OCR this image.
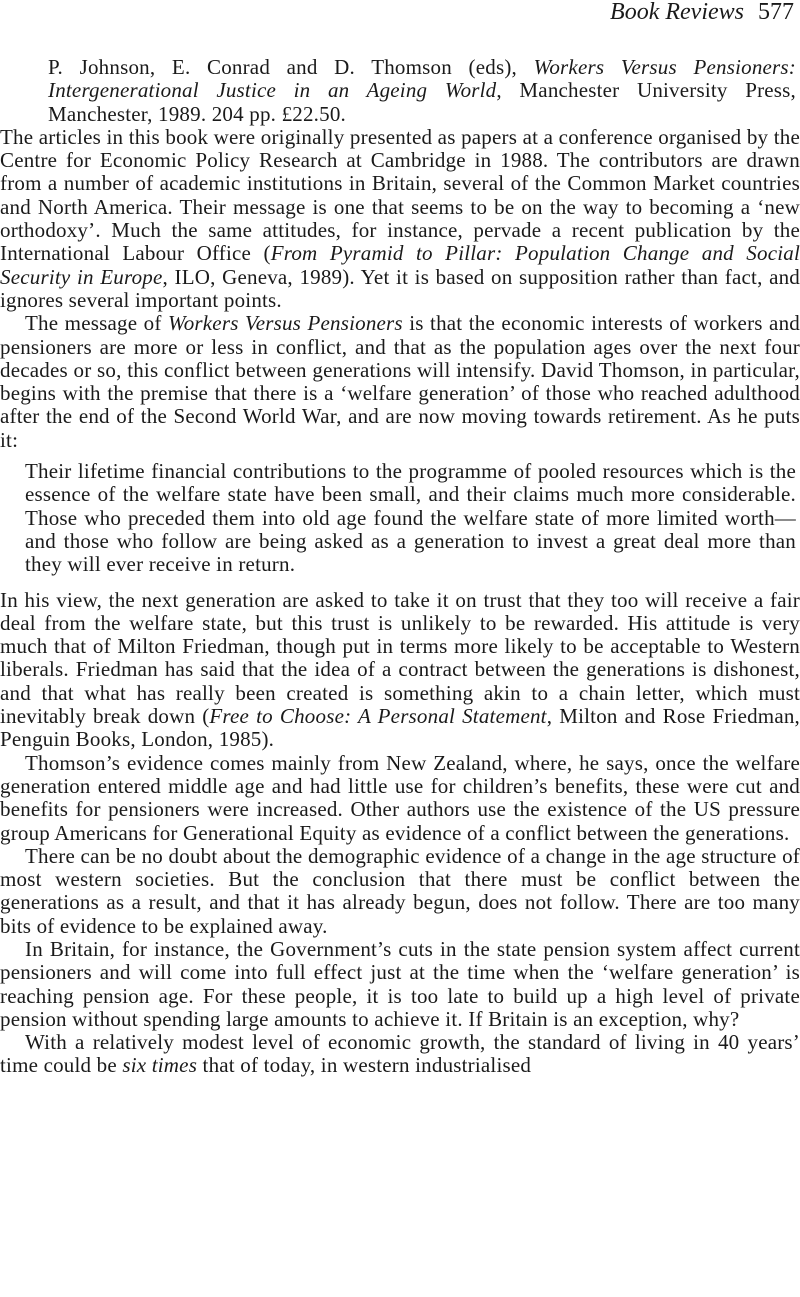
Book Reviews 577

P. Johnson, E. Conrad and D. Thomson (eds), Workers Versus Pensioners: Intergenerational Justice in an Ageing World, Manchester University Press, Manchester, 1989. 204 pp. £22.50.

The articles in this book were originally presented as papers at a conference organised by the Centre for Economic Policy Research at Cambridge in 1988. The contributors are drawn from a number of academic institutions in Britain, several of the Common Market countries and North America. Their message is one that seems to be on the way to becoming a ‘new orthodoxy’. Much the same attitudes, for instance, pervade a recent publication by the International Labour Office (From Pyramid to Pillar: Population Change and Social Security in Europe, ILO, Geneva, 1989). Yet it is based on supposition rather than fact, and ignores several important points.

The message of Workers Versus Pensioners is that the economic interests of workers and pensioners are more or less in conflict, and that as the population ages over the next four decades or so, this conflict between generations will intensify. David Thomson, in particular, begins with the premise that there is a ‘welfare generation’ of those who reached adulthood after the end of the Second World War, and are now moving towards retirement. As he puts it:

Their lifetime financial contributions to the programme of pooled resources which is the essence of the welfare state have been small, and their claims much more considerable. Those who preceded them into old age found the welfare state of more limited worth—and those who follow are being asked as a generation to invest a great deal more than they will ever receive in return.

In his view, the next generation are asked to take it on trust that they too will receive a fair deal from the welfare state, but this trust is unlikely to be rewarded. His attitude is very much that of Milton Friedman, though put in terms more likely to be acceptable to Western liberals. Friedman has said that the idea of a contract between the generations is dishonest, and that what has really been created is something akin to a chain letter, which must inevitably break down (Free to Choose: A Personal Statement, Milton and Rose Friedman, Penguin Books, London, 1985).

Thomson’s evidence comes mainly from New Zealand, where, he says, once the welfare generation entered middle age and had little use for children’s benefits, these were cut and benefits for pensioners were increased. Other authors use the existence of the US pressure group Americans for Generational Equity as evidence of a conflict between the generations.

There can be no doubt about the demographic evidence of a change in the age structure of most western societies. But the conclusion that there must be conflict between the generations as a result, and that it has already begun, does not follow. There are too many bits of evidence to be explained away.

In Britain, for instance, the Government’s cuts in the state pension system affect current pensioners and will come into full effect just at the time when the ‘welfare generation’ is reaching pension age. For these people, it is too late to build up a high level of private pension without spending large amounts to achieve it. If Britain is an exception, why?

With a relatively modest level of economic growth, the standard of living in 40 years’ time could be six times that of today, in western industrialised
